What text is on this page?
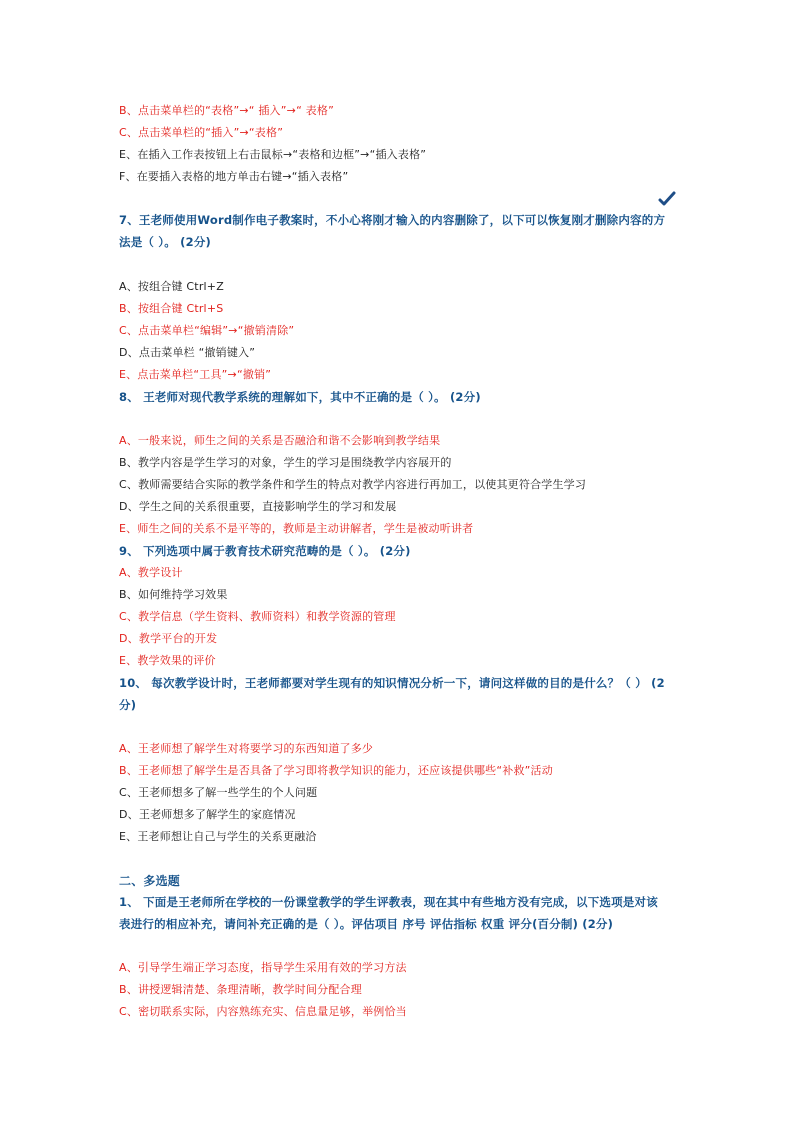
B、点击菜单栏的“表格”→“ 插入”→“ 表格”
C、点击菜单栏的“插入”→“表格”
E、在插入工作表按钮上右击鼠标→“表格和边框”→“插入表格”
F、在要插入表格的地方单击右键→“插入表格”
7、王老师使用Word制作电子教案时，不小心将刚才输入的内容删除了，以下可以恢复刚才删除内容的方
法是（ ）。 (2分)
A、按组合键 Ctrl+Z
B、按组合键 Ctrl+S
C、点击菜单栏“编辑”→“撤销清除”
D、点击菜单栏 “撤销键入”
E、点击菜单栏“工具”→“撤销”
8、 王老师对现代教学系统的理解如下，其中不正确的是（ ）。 (2分)
A、一般来说，师生之间的关系是否融洽和谐不会影响到教学结果
B、教学内容是学生学习的对象，学生的学习是围绕教学内容展开的
C、教师需要结合实际的教学条件和学生的特点对教学内容进行再加工，以使其更符合学生学习
D、学生之间的关系很重要，直接影响学生的学习和发展
E、师生之间的关系不是平等的，教师是主动讲解者，学生是被动听讲者
9、 下列选项中属于教育技术研究范畴的是（ ）。 (2分)
A、教学设计
B、如何维持学习效果
C、教学信息（学生资料、教师资料）和教学资源的管理
D、教学平台的开发
E、教学效果的评价
10、 每次教学设计时，王老师都要对学生现有的知识情况分析一下，请问这样做的目的是什么？（ ） (2
分)
A、王老师想了解学生对将要学习的东西知道了多少
B、王老师想了解学生是否具备了学习即将教学知识的能力，还应该提供哪些“补救”活动
C、王老师想多了解一些学生的个人问题
D、王老师想多了解学生的家庭情况
E、王老师想让自己与学生的关系更融洽
二、多选题
1、 下面是王老师所在学校的一份课堂教学的学生评教表，现在其中有些地方没有完成，以下选项是对该
表进行的相应补充，请问补充正确的是（ ）。评估项目 序号 评估指标 权重 评分(百分制) (2分)
A、引导学生端正学习态度，指导学生采用有效的学习方法
B、讲授逻辑清楚、条理清晰，教学时间分配合理
C、密切联系实际，内容熟练充实、信息量足够，举例恰当
